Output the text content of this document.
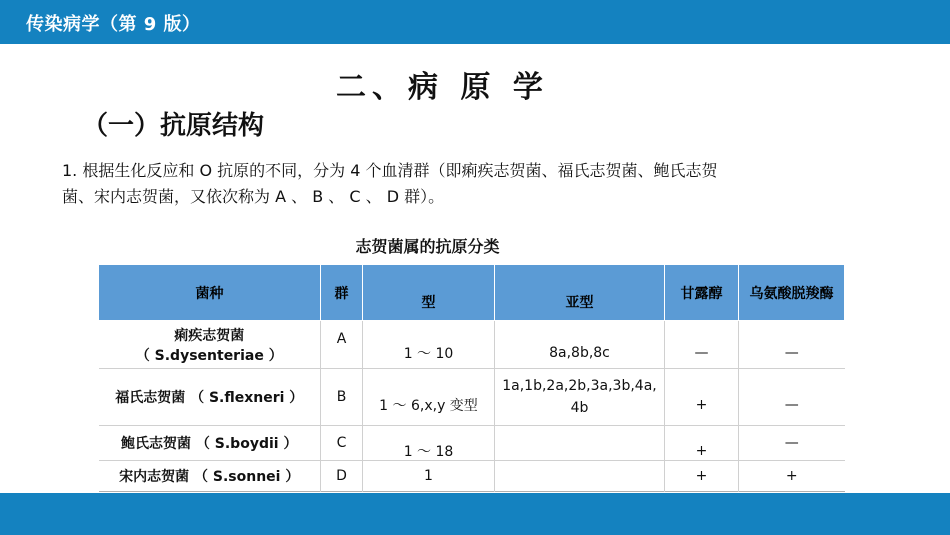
传染病学（第 9 版）
二、病 原 学
（一）抗原结构
1. 根据生化反应和 O 抗原的不同，分为 4 个血清群（即痢疾志贺菌、福氏志贺菌、鲍氏志贺
菌、宋内志贺菌，又依次称为 A 、 B 、 C 、 D 群）。
志贺菌属的抗原分类
菌种	群	型	亚型	甘露醇	乌氨酸脱羧酶

痢疾志贺菌
（ S.dysenteriae ）	A	1 ～ 10	8a,8b,8c	—	—
福氏志贺菌 （ S.flexneri ）	B	1 ～ 6,x,y 变型	1a,1b,2a,2b,3a,3b,4a,
4b	+	—
鲍氏志贺菌 （ S.boydii ）	C	1 ～ 18		+	—
宋内志贺菌 （ S.sonnei ）	D	1		+	+
